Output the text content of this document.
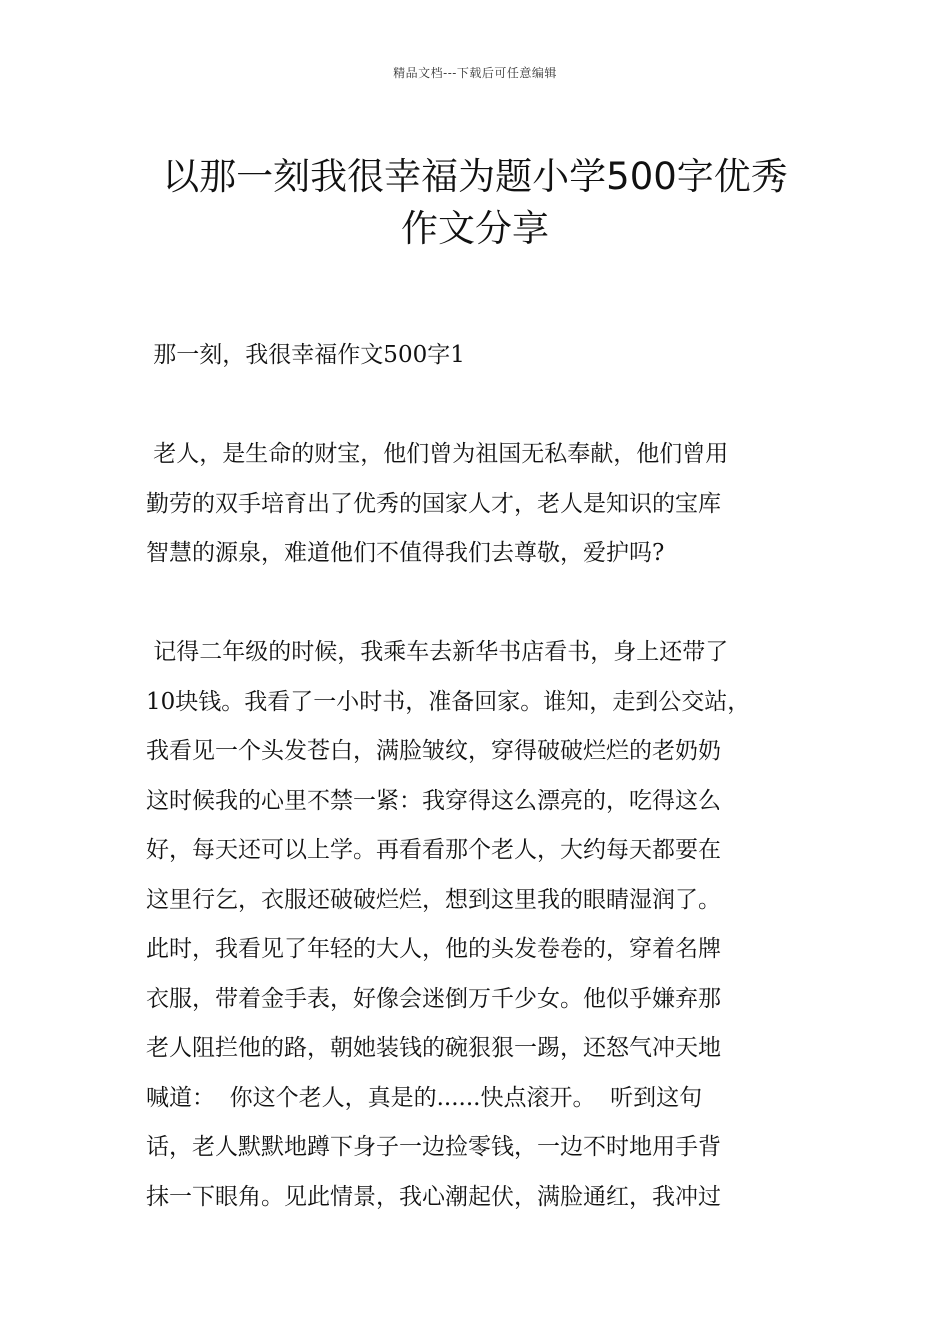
精品文档---下载后可任意编辑
以那一刻我很幸福为题小学500字优秀
作文分享
那一刻，我很幸福作文500字1
老人，是生命的财宝，他们曾为祖国无私奉献，他们曾用
勤劳的双手培育出了优秀的国家人才，老人是知识的宝库
智慧的源泉，难道他们不值得我们去尊敬，爱护吗?
记得二年级的时候，我乘车去新华书店看书，身上还带了
10块钱。我看了一小时书，准备回家。谁知，走到公交站，
我看见一个头发苍白，满脸皱纹，穿得破破烂烂的老奶奶
这时候我的心里不禁一紧：我穿得这么漂亮的，吃得这么
好，每天还可以上学。再看看那个老人，大约每天都要在
这里行乞，衣服还破破烂烂，想到这里我的眼睛湿润了。
此时，我看见了年轻的大人，他的头发卷卷的，穿着名牌
衣服，带着金手表，好像会迷倒万千少女。他似乎嫌弃那
老人阻拦他的路，朝她装钱的碗狠狠一踢，还怒气冲天地
喊道：  你这个老人，真是的......快点滚开。  听到这句
话，老人默默地蹲下身子一边捡零钱，一边不时地用手背
抹一下眼角。见此情景，我心潮起伏，满脸通红，我冲过
